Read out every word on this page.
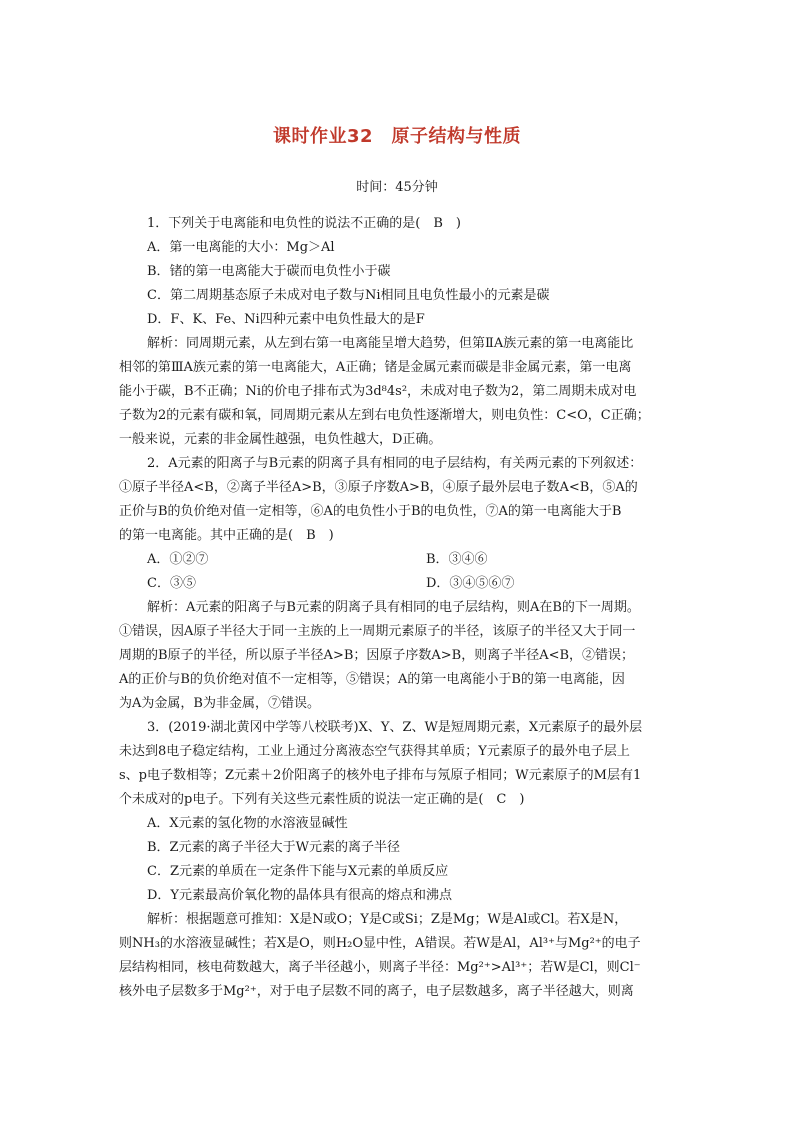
课时作业32　原子结构与性质
时间：45分钟

1．下列关于电离能和电负性的说法不正确的是(　B　)

A．第一电离能的大小：Mg＞Al

B．锗的第一电离能大于碳而电负性小于碳

C．第二周期基态原子未成对电子数与Ni相同且电负性最小的元素是碳

D．F、K、Fe、Ni四种元素中电负性最大的是F

解析：同周期元素，从左到右第一电离能呈增大趋势，但第ⅡA族元素的第一电离能比

相邻的第ⅢA族元素的第一电离能大，A正确；锗是金属元素而碳是非金属元素，第一电离

能小于碳，B不正确；Ni的价电子排布式为3d⁸4s²，未成对电子数为2，第二周期未成对电

子数为2的元素有碳和氧，同周期元素从左到右电负性逐渐增大，则电负性：C<O，C正确；

一般来说，元素的非金属性越强，电负性越大，D正确。

2．A元素的阳离子与B元素的阴离子具有相同的电子层结构，有关两元素的下列叙述：

①原子半径A<B，②离子半径A>B，③原子序数A>B，④原子最外层电子数A<B，⑤A的

正价与B的负价绝对值一定相等，⑥A的电负性小于B的电负性，⑦A的第一电离能大于B

的第一电离能。其中正确的是(　B　)

A．①②⑦	B．③④⑥
C．③⑤	D．③④⑤⑥⑦

解析：A元素的阳离子与B元素的阴离子具有相同的电子层结构，则A在B的下一周期。

①错误，因A原子半径大于同一主族的上一周期元素原子的半径，该原子的半径又大于同一

周期的B原子的半径，所以原子半径A>B；因原子序数A>B，则离子半径A<B，②错误；

A的正价与B的负价绝对值不一定相等，⑤错误；A的第一电离能小于B的第一电离能，因

为A为金属，B为非金属，⑦错误。

3．(2019·湖北黄冈中学等八校联考)X、Y、Z、W是短周期元素，X元素原子的最外层

未达到8电子稳定结构，工业上通过分离液态空气获得其单质；Y元素原子的最外电子层上

s、p电子数相等；Z元素＋2价阳离子的核外电子排布与氖原子相同；W元素原子的M层有1

个未成对的p电子。下列有关这些元素性质的说法一定正确的是(　C　)

A．X元素的氢化物的水溶液显碱性

B．Z元素的离子半径大于W元素的离子半径

C．Z元素的单质在一定条件下能与X元素的单质反应

D．Y元素最高价氧化物的晶体具有很高的熔点和沸点

解析：根据题意可推知：X是N或O；Y是C或Si；Z是Mg；W是Al或Cl。若X是N，

则NH₃的水溶液显碱性；若X是O，则H₂O显中性，A错误。若W是Al，Al³⁺与Mg²⁺的电子

层结构相同，核电荷数越大，离子半径越小，则离子半径：Mg²⁺>Al³⁺；若W是Cl，则Cl⁻

核外电子层数多于Mg²⁺，对于电子层数不同的离子，电子层数越多，离子半径越大，则离
